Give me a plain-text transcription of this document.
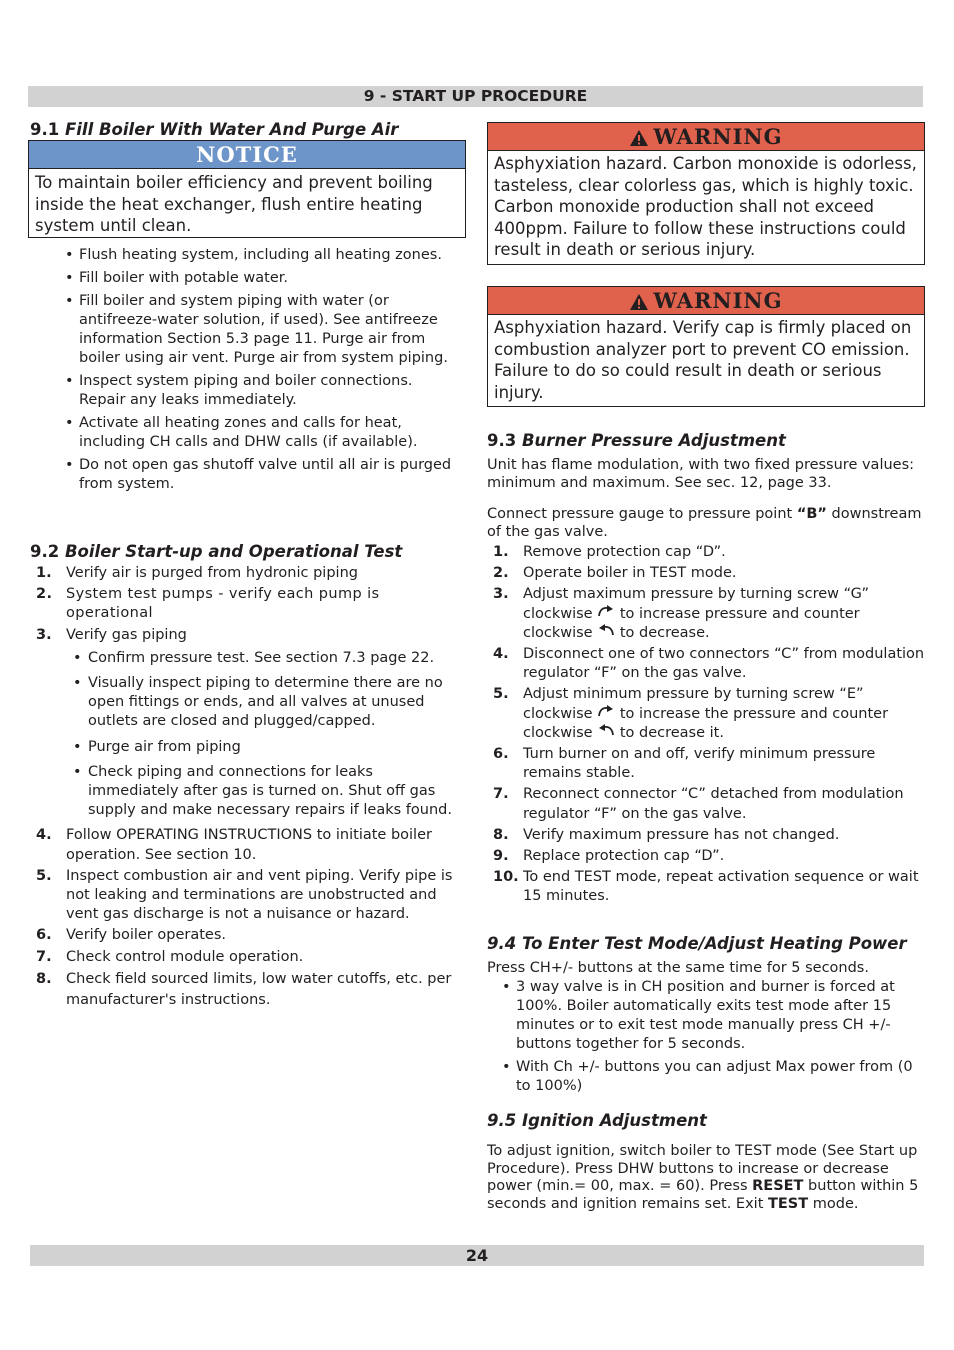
9 - START UP PROCEDURE
9.1 Fill Boiler With Water And Purge Air
NOTICE
To maintain boiler efficiency and prevent boiling inside the heat exchanger, flush entire heating system until clean.
• Flush heating system, including all heating zones.
• Fill boiler with potable water.
• Fill boiler and system piping with water (or antifreeze-water solution, if used). See antifreeze information Section 5.3 page 11. Purge air from boiler using air vent. Purge air from system piping.
• Inspect system piping and boiler connections. Repair any leaks immediately.
• Activate all heating zones and calls for heat, including CH calls and DHW calls (if available).
• Do not open gas shutoff valve until all air is purged from system.
9.2 Boiler Start-up and Operational Test
1. Verify air is purged from hydronic piping
2. System test pumps - verify each pump is operational
3. Verify gas piping
• Confirm pressure test. See section 7.3 page 22.
• Visually inspect piping to determine there are no open fittings or ends, and all valves at unused outlets are closed and plugged/capped.
• Purge air from piping
• Check piping and connections for leaks immediately after gas is turned on. Shut off gas supply and make necessary repairs if leaks found.
4. Follow OPERATING INSTRUCTIONS to initiate boiler operation. See section 10.
5. Inspect combustion air and vent piping. Verify pipe is not leaking and terminations are unobstructed and vent gas discharge is not a nuisance or hazard.
6. Verify boiler operates.
7. Check control module operation.
8. Check field sourced limits, low water cutoffs, etc. per manufacturer's instructions.
WARNING
Asphyxiation hazard. Carbon monoxide is odorless, tasteless, clear colorless gas, which is highly toxic. Carbon monoxide production shall not exceed 400ppm. Failure to follow these instructions could result in death or serious injury.
WARNING
Asphyxiation hazard. Verify cap is firmly placed on combustion analyzer port to prevent CO emission. Failure to do so could result in death or serious injury.
9.3 Burner Pressure Adjustment
Unit has flame modulation, with two fixed pressure values: minimum and maximum. See sec. 12, page 33.
Connect pressure gauge to pressure point “B” downstream of the gas valve.
1. Remove protection cap “D”.
2. Operate boiler in TEST mode.
3. Adjust maximum pressure by turning screw “G” clockwise  to increase pressure and counter clockwise  to decrease.
4. Disconnect one of two connectors “C” from modulation regulator “F” on the gas valve.
5. Adjust minimum pressure by turning screw “E” clockwise  to increase the pressure and counter clockwise  to decrease it.
6. Turn burner on and off, verify minimum pressure remains stable.
7. Reconnect connector “C” detached from modulation regulator “F” on the gas valve.
8. Verify maximum pressure has not changed.
9. Replace protection cap “D”.
10. To end TEST mode, repeat activation sequence or wait 15 minutes.
9.4 To Enter Test Mode/Adjust Heating Power
Press CH+/- buttons at the same time for 5 seconds.
• 3 way valve is in CH position and burner is forced at 100%. Boiler automatically exits test mode after 15 minutes or to exit test mode manually press CH +/- buttons together for 5 seconds.
• With Ch +/- buttons you can adjust Max power from (0 to 100%)
9.5 Ignition Adjustment
To adjust ignition, switch boiler to TEST mode (See Start up Procedure). Press DHW buttons to increase or decrease power (min.= 00, max. = 60). Press RESET button within 5 seconds and ignition remains set. Exit TEST mode.
24
